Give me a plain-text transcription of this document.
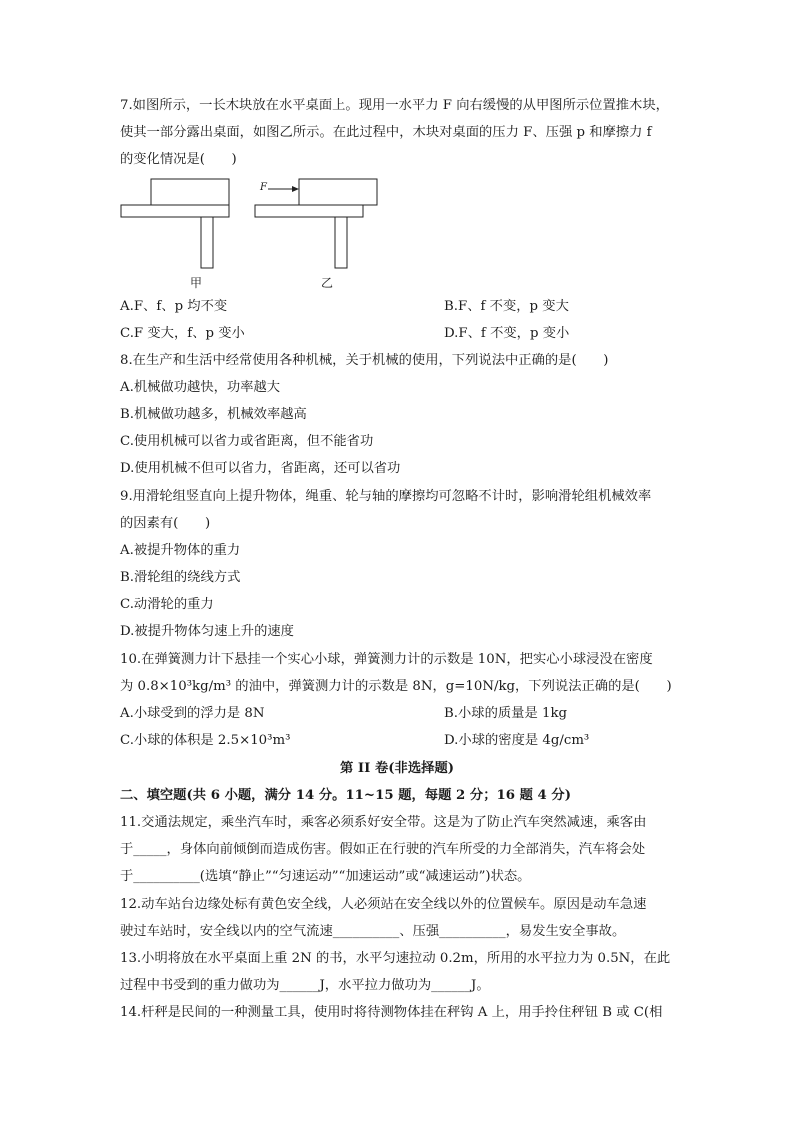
7.如图所示，一长木块放在水平桌面上。现用一水平力 F 向右缓慢的从甲图所示位置推木块，
使其一部分露出桌面，如图乙所示。在此过程中，木块对桌面的压力 F、压强 p 和摩擦力 f
的变化情况是(　　)
F
甲	乙
A.F、f、p 均不变	B.F、f 不变，p 变大
C.F 变大，f、p 变小	D.F、f 不变，p 变小
8.在生产和生活中经常使用各种机械，关于机械的使用，下列说法中正确的是(　　)
A.机械做功越快，功率越大
B.机械做功越多，机械效率越高
C.使用机械可以省力或省距离，但不能省功
D.使用机械不但可以省力，省距离，还可以省功
9.用滑轮组竖直向上提升物体，绳重、轮与轴的摩擦均可忽略不计时，影响滑轮组机械效率
的因素有(　　)
A.被提升物体的重力
B.滑轮组的绕线方式
C.动滑轮的重力
D.被提升物体匀速上升的速度
10.在弹簧测力计下悬挂一个实心小球，弹簧测力计的示数是 10N，把实心小球浸没在密度
为 0.8×10³kg/m³ 的油中，弹簧测力计的示数是 8N，g=10N/kg，下列说法正确的是(　　)
A.小球受到的浮力是 8N	B.小球的质量是 1kg
C.小球的体积是 2.5×10³m³	D.小球的密度是 4g/cm³
第 II 卷(非选择题)
二、填空题(共 6 小题，满分 14 分。11~15 题，每题 2 分；16 题 4 分)
11.交通法规定，乘坐汽车时，乘客必须系好安全带。这是为了防止汽车突然减速，乘客由
于_____，身体向前倾倒而造成伤害。假如正在行驶的汽车所受的力全部消失，汽车将会处
于__________(选填“静止”“匀速运动”“加速运动”或“减速运动”)状态。
12.动车站台边缘处标有黄色安全线，人必须站在安全线以外的位置候车。原因是动车急速
驶过车站时，安全线以内的空气流速__________、压强__________，易发生安全事故。
13.小明将放在水平桌面上重 2N 的书，水平匀速拉动 0.2m，所用的水平拉力为 0.5N，在此
过程中书受到的重力做功为______J，水平拉力做功为______J。
14.杆秤是民间的一种测量工具，使用时将待测物体挂在秤钩 A 上，用手拎住秤钮 B 或 C(相
